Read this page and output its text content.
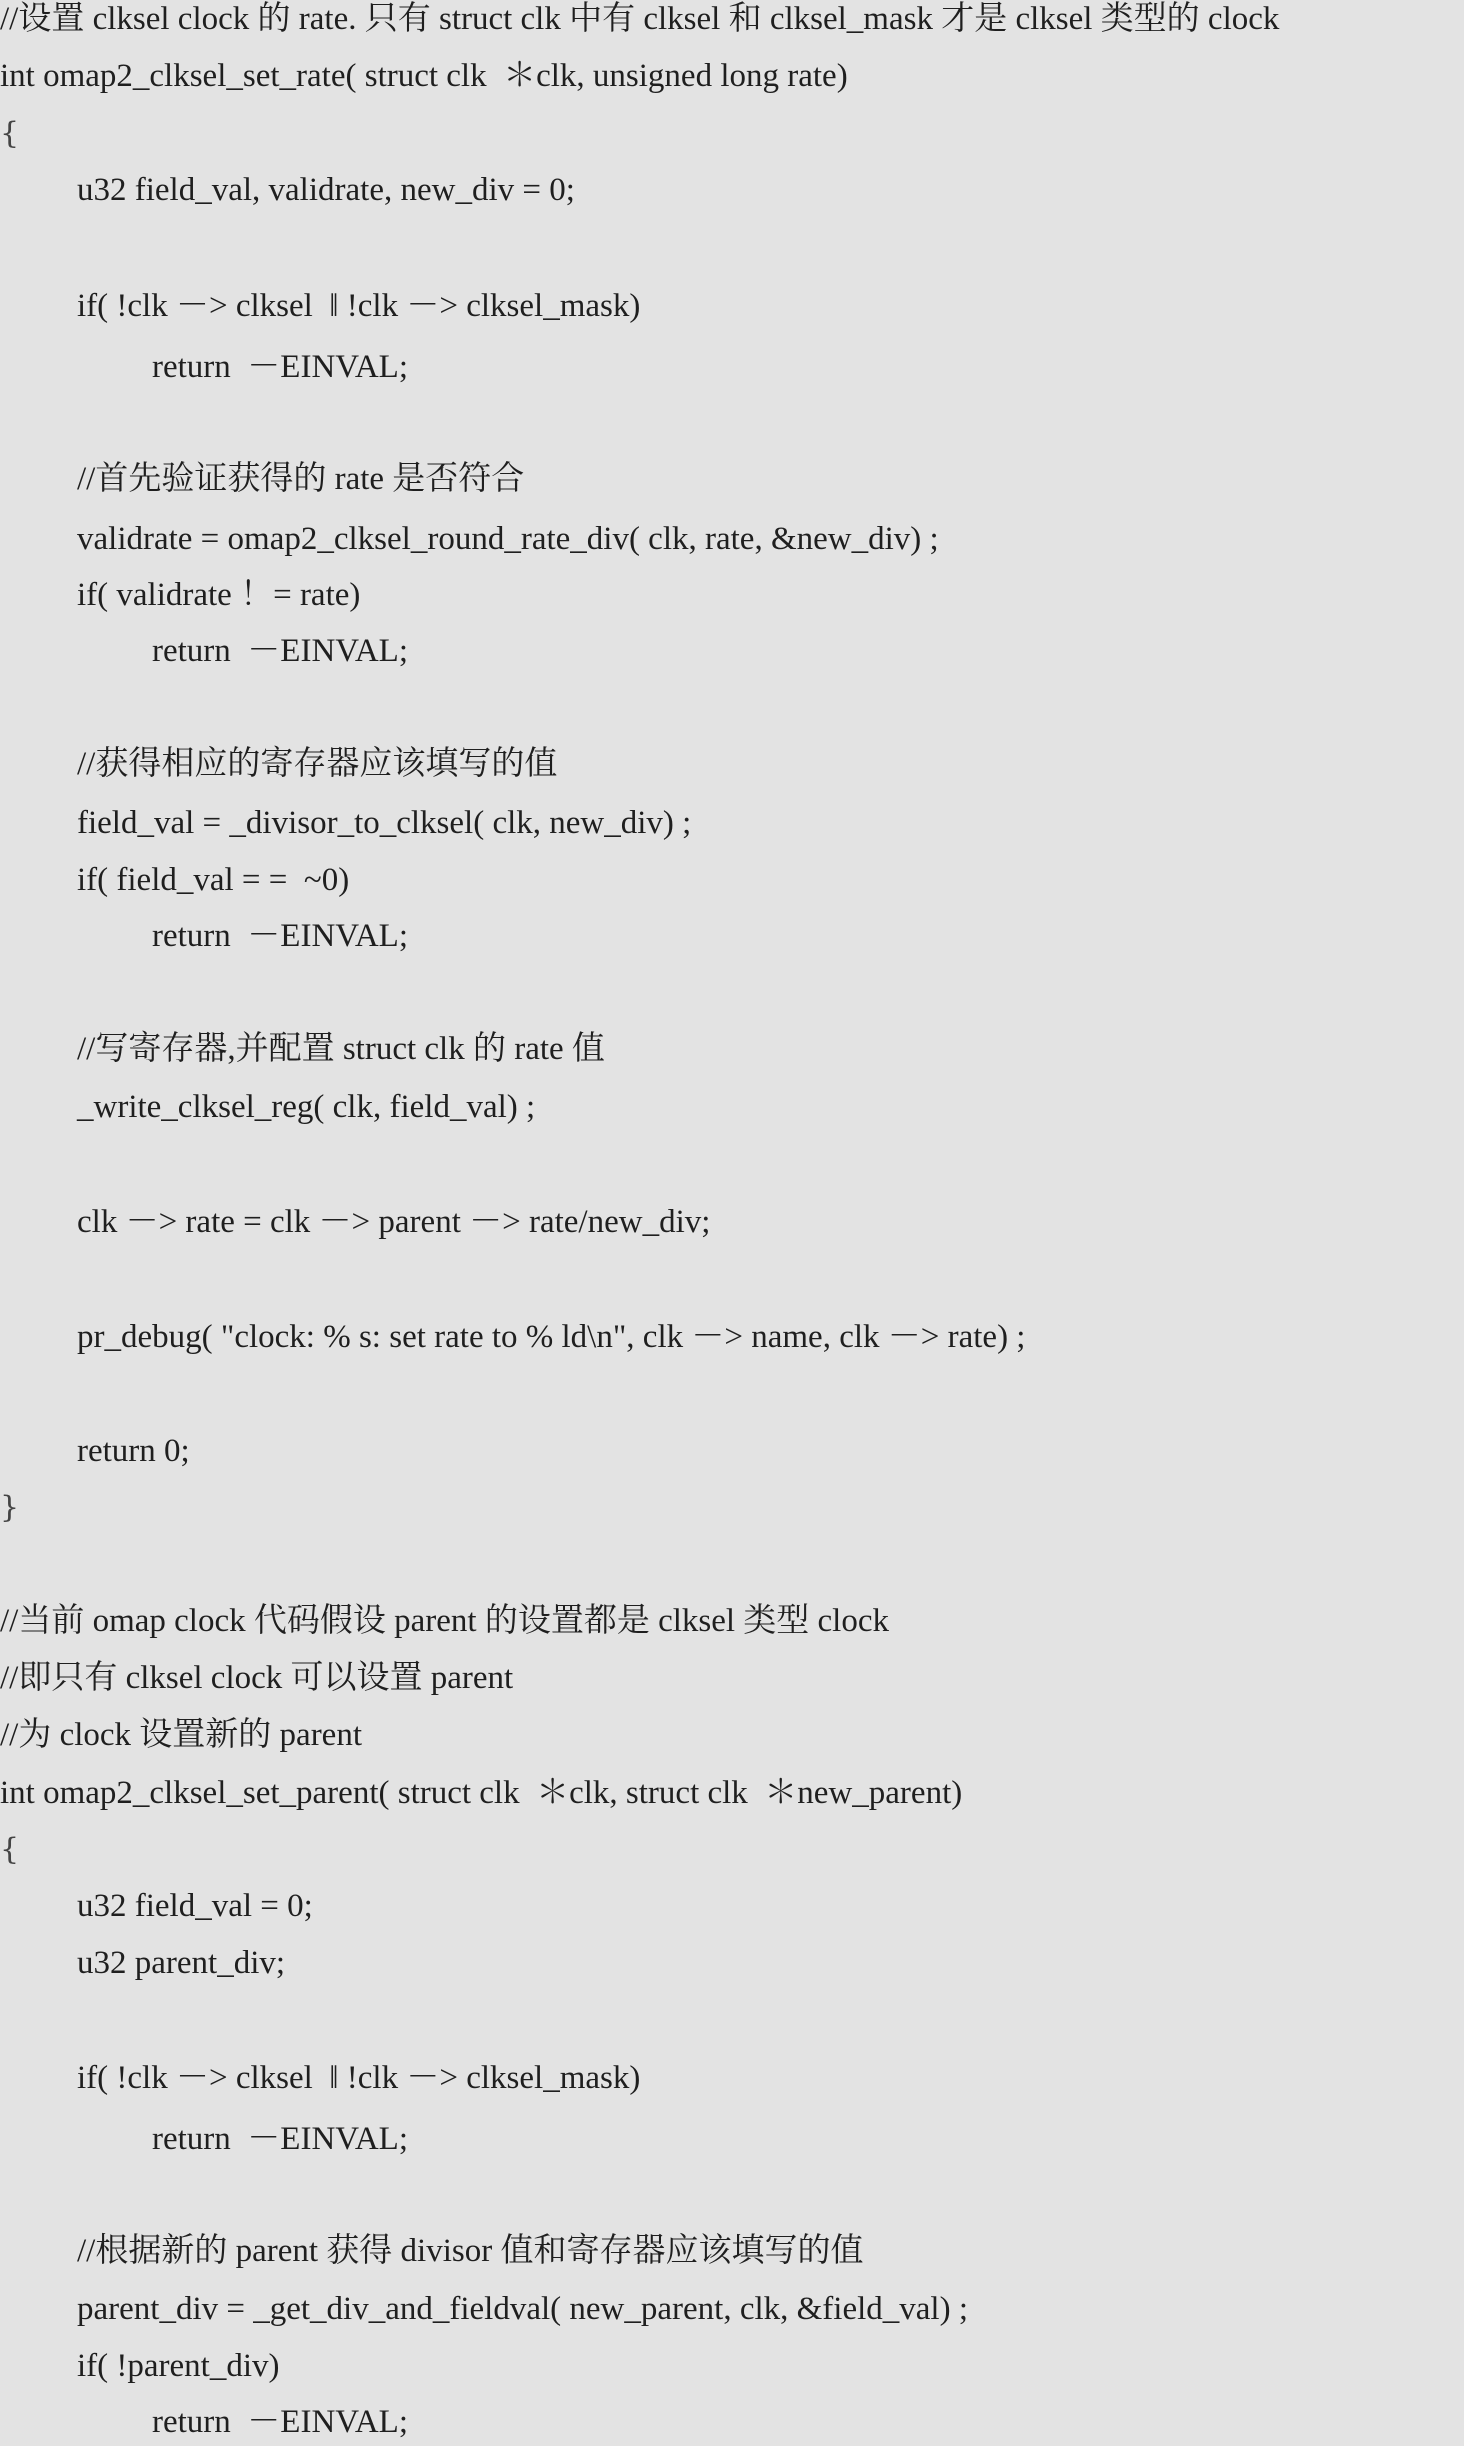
//设置 clksel clock 的 rate. 只有 struct clk 中有 clksel 和 clksel_mask 才是 clksel 类型的 clock
int omap2_clksel_set_rate( struct clk  ＊clk, unsigned long rate)
{
u32 field_val, validrate, new_div = 0;
if( !clk －> clksel  ‖ !clk －> clksel_mask)
return  －EINVAL;
//首先验证获得的 rate 是否符合
validrate = omap2_clksel_round_rate_div( clk, rate, &new_div) ;
if( validrate ！= rate)
return  －EINVAL;
//获得相应的寄存器应该填写的值
field_val = _divisor_to_clksel( clk, new_div) ;
if( field_val = =  ~0)
return  －EINVAL;
//写寄存器,并配置 struct clk 的 rate 值
_write_clksel_reg( clk, field_val) ;
clk －> rate = clk －> parent －> rate/new_div;
pr_debug( "clock: % s: set rate to % ld\n", clk －> name, clk －> rate) ;
return 0;
}
//当前 omap clock 代码假设 parent 的设置都是 clksel 类型 clock
//即只有 clksel clock 可以设置 parent
//为 clock 设置新的 parent
int omap2_clksel_set_parent( struct clk  ＊clk, struct clk  ＊new_parent)
{
u32 field_val = 0;
u32 parent_div;
if( !clk －> clksel  ‖ !clk －> clksel_mask)
return  －EINVAL;
//根据新的 parent 获得 divisor 值和寄存器应该填写的值
parent_div = _get_div_and_fieldval( new_parent, clk, &field_val) ;
if( !parent_div)
return  －EINVAL;
